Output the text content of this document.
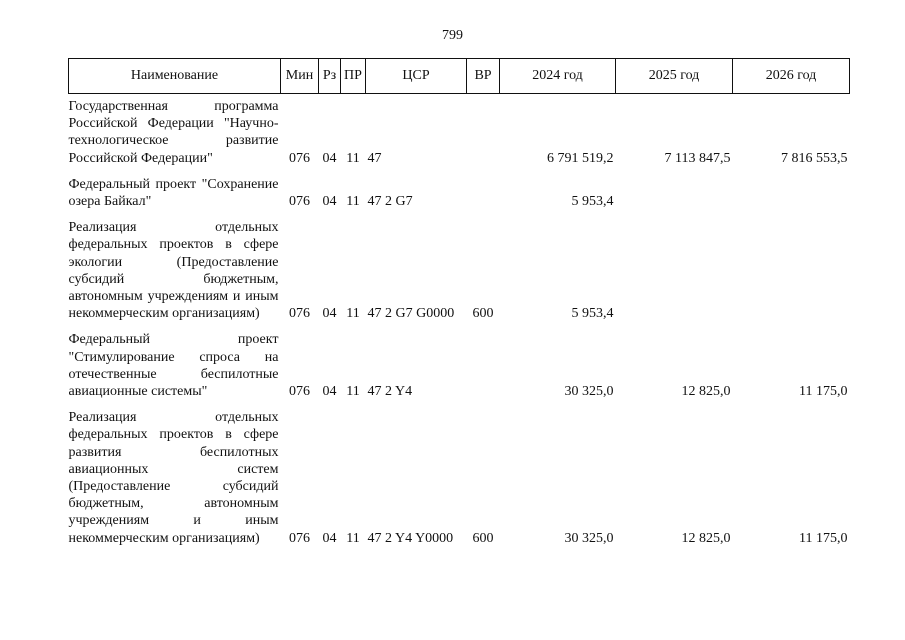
799
Наименование	Мин	Рз	ПР	ЦСР	ВР	2024 год	2025 год	2026 год

Государственная программа Российской Федерации "Научно-технологическое развитие Российской Федерации"	076	04	11	47		6 791 519,2	7 113 847,5	7 816 553,5
Федеральный проект "Сохранение озера Байкал"	076	04	11	47 2 G7		5 953,4		
Реализация отдельных федеральных проектов в сфере экологии (Предоставление субсидий бюджетным, автономным учреждениям и иным некоммерческим организациям)	076	04	11	47 2 G7 G0000	600	5 953,4		
Федеральный проект "Стимулирование спроса на отечественные беспилотные авиационные системы"	076	04	11	47 2 Y4		30 325,0	12 825,0	11 175,0
Реализация отдельных федеральных проектов в сфере развития беспилотных авиационных систем (Предоставление субсидий бюджетным, автономным учреждениям и иным некоммерческим организациям)	076	04	11	47 2 Y4 Y0000	600	30 325,0	12 825,0	11 175,0
